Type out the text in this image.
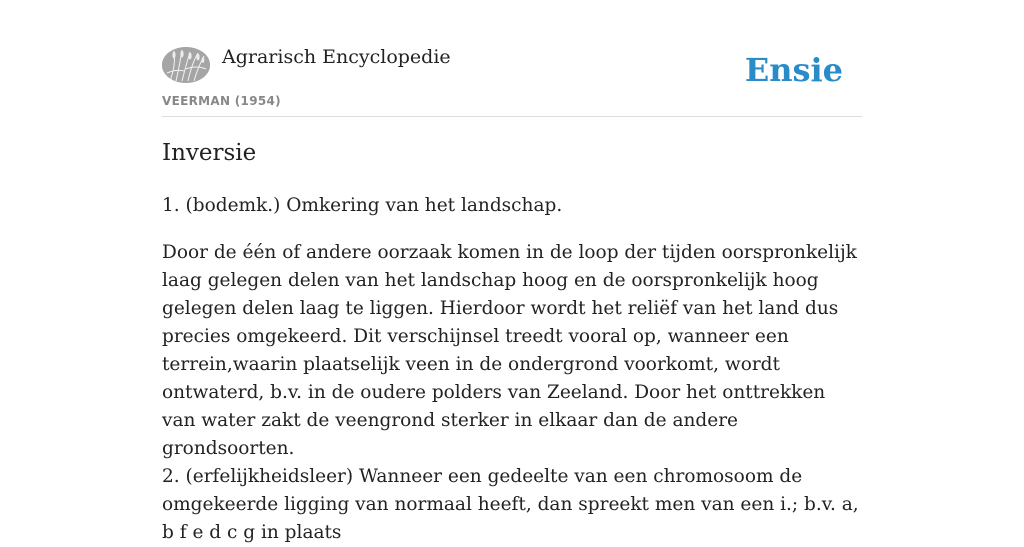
Agrarisch Encyclopedie
VEERMAN (1954)
Ensie
Inversie

1. (bodemk.) Omkering van het landschap.

Door de één of andere oorzaak komen in de loop der tijden oorspronkelijk laag gelegen delen van het landschap hoog en de oorspronkelijk hoog gelegen delen laag te liggen. Hierdoor wordt het reliëf van het land dus precies omgekeerd. Dit verschijnsel treedt vooral op, wanneer een terrein,waarin plaatselijk veen in de ondergrond voorkomt, wordt ontwaterd, b.v. in de oudere polders van Zeeland. Door het onttrekken van water zakt de veengrond sterker in elkaar dan de andere grondsoorten.

2. (erfelijkheidsleer) Wanneer een gedeelte van een chromosoom de omgekeerde ligging van normaal heeft, dan spreekt men van een i.; b.v. a, b f e d c g in plaats
